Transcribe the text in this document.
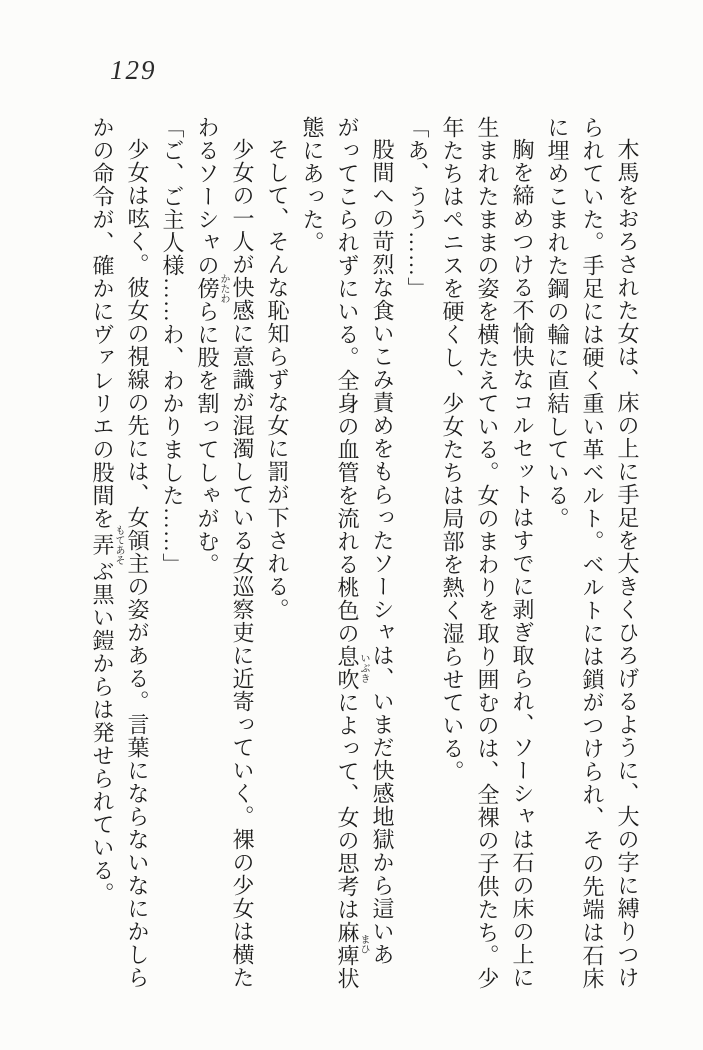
129

木馬をおろされた女は、床の上に手足を大きくひろげるように、大の字に縛りつけられていた。手足には硬く重い革ベルト。ベルトには鎖がつけられ、その先端は石床に埋めこまれた鋼の輪に直結している。

胸を締めつける不愉快なコルセットはすでに剥ぎ取られ、ソーシャは石の床の上に生まれたままの姿を横たえている。女のまわりを取り囲むのは、全裸の子供たち。少年たちはペニスを硬くし、少女たちは局部を熱く湿らせている。

「あ、うう……」

股間への苛烈な食いこみ責めをもらったソーシャは、いまだ快感地獄から這いあがってこられずにいる。全身の血管を流れる桃色の息吹いぶきによって、女の思考は麻痺まひ状態にあった。

そして、そんな恥知らずな女に罰が下される。

少女の一人が快感に意識が混濁している女巡察吏に近寄っていく。裸の少女は横たわるソーシャの傍かたわらに股を割ってしゃがむ。

「ご、ご主人様……わ、わかりました……」

少女は呟く。彼女の視線の先には、女領主の姿がある。言葉にならないなにかしらかの命令が、確かにヴァレリエの股間を弄もてあそぶ黒い鎧からは発せられている。
